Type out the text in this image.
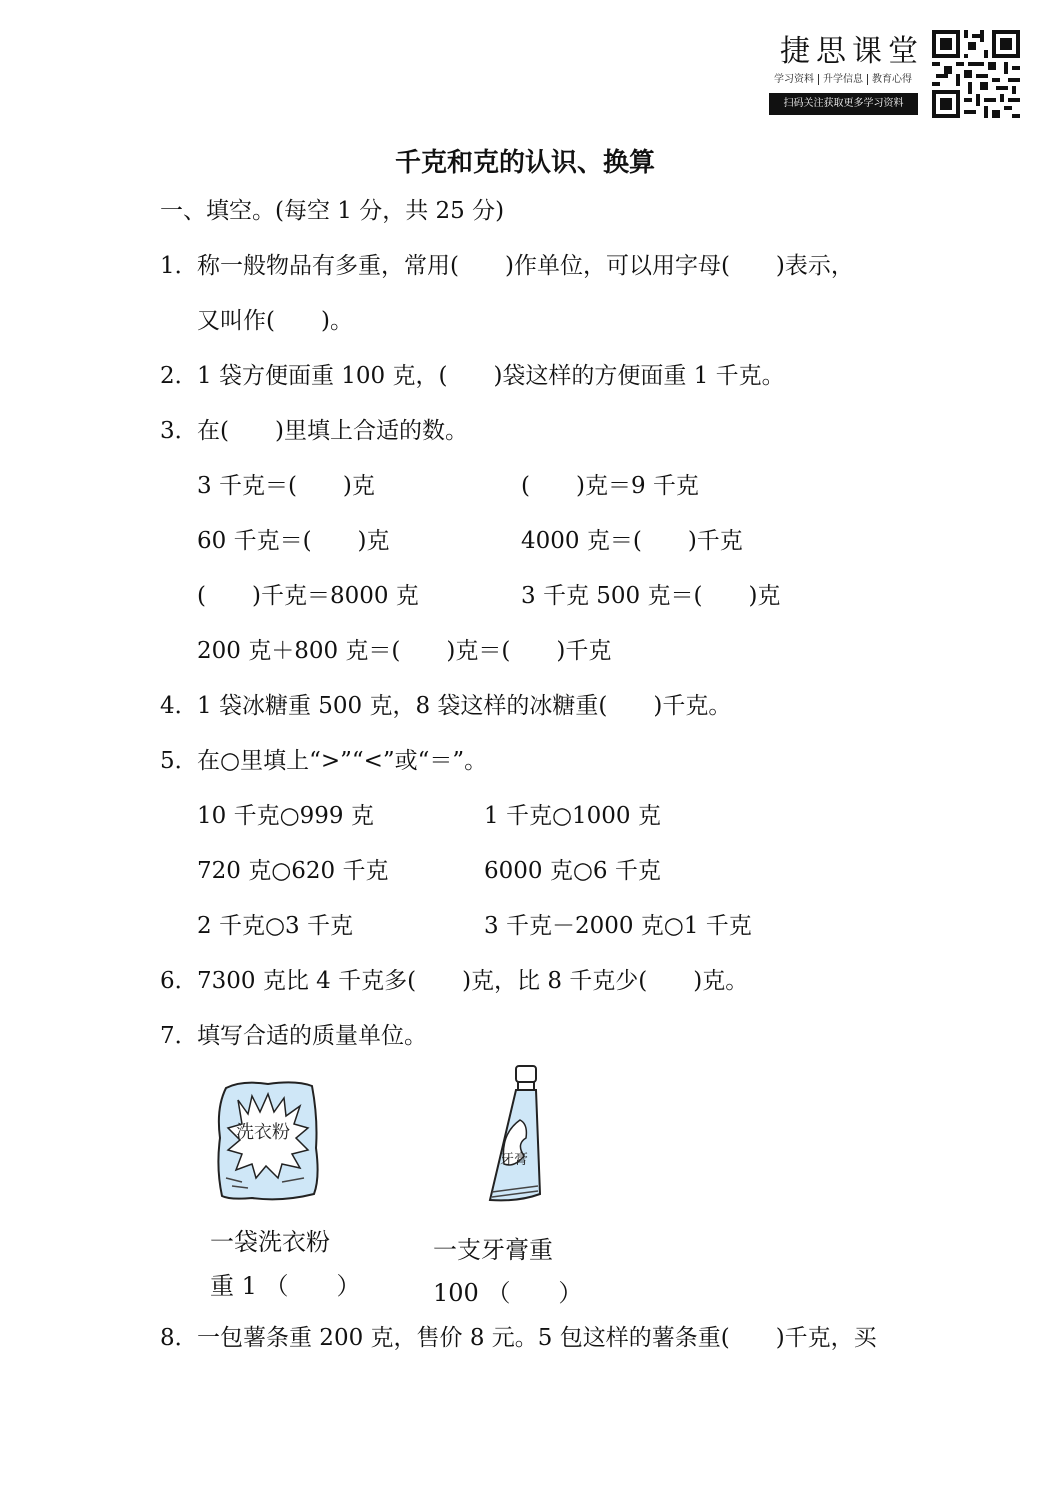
捷思课堂
学习资料 升学信息 教育心得
扫码关注获取更多学习资料
千克和克的认识、换算
一、填空。(每空 1 分，共 25 分)
1． 称一般物品有多重，常用(　　)作单位，可以用字母(　　)表示，
又叫作(　　)。
2． 1 袋方便面重 100 克，(　　)袋这样的方便面重 1 千克。
3． 在(　　)里填上合适的数。
3 千克＝(　　)克	(　　)克＝9 千克
60 千克＝(　　)克	4000 克＝(　　)千克
(　　)千克＝8000 克	3 千克 500 克＝(　　)克
200 克＋800 克＝(　　)克＝(　　)千克
4． 1 袋冰糖重 500 克，8 袋这样的冰糖重(　　)千克。
5． 在○里填上“>”“<”或“＝”。
10 千克○999 克	1 千克○1000 克
720 克○620 千克	6000 克○6 千克
2 千克○3 千克	3 千克－2000 克○1 千克
6． 7300 克比 4 千克多(　　)克，比 8 千克少(　　)克。
7． 填写合适的质量单位。
洗衣粉
牙膏
一袋洗衣粉
重 1 （　　）
一支牙膏重
100 （　　）
8． 一包薯条重 200 克，售价 8 元。5 包这样的薯条重(　　)千克，买
